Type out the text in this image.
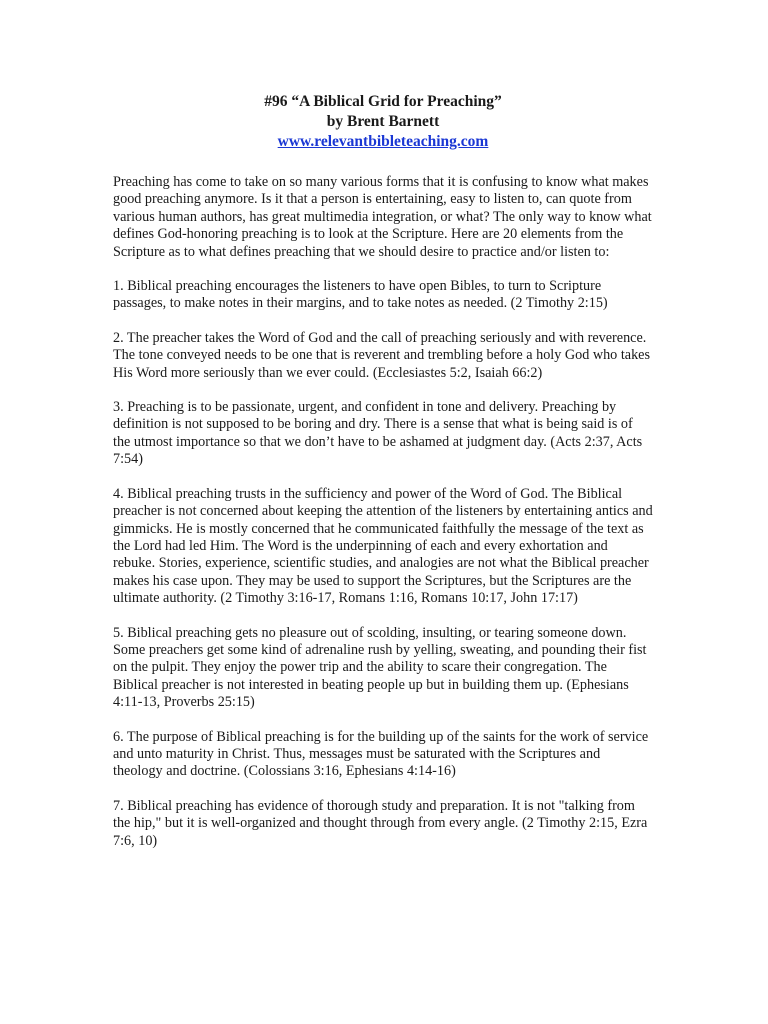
#96 “A Biblical Grid for Preaching”
by Brent Barnett
www.relevantbibleteaching.com

Preaching has come to take on so many various forms that it is confusing to know what makes good preaching anymore. Is it that a person is entertaining, easy to listen to, can quote from various human authors, has great multimedia integration, or what? The only way to know what defines God-honoring preaching is to look at the Scripture. Here are 20 elements from the Scripture as to what defines preaching that we should desire to practice and/or listen to:

1. Biblical preaching encourages the listeners to have open Bibles, to turn to Scripture passages, to make notes in their margins, and to take notes as needed. (2 Timothy 2:15)

2. The preacher takes the Word of God and the call of preaching seriously and with reverence. The tone conveyed needs to be one that is reverent and trembling before a holy God who takes His Word more seriously than we ever could. (Ecclesiastes 5:2, Isaiah 66:2)

3. Preaching is to be passionate, urgent, and confident in tone and delivery. Preaching by definition is not supposed to be boring and dry. There is a sense that what is being said is of the utmost importance so that we don’t have to be ashamed at judgment day. (Acts 2:37, Acts 7:54)

4. Biblical preaching trusts in the sufficiency and power of the Word of God. The Biblical preacher is not concerned about keeping the attention of the listeners by entertaining antics and gimmicks. He is mostly concerned that he communicated faithfully the message of the text as the Lord had led Him. The Word is the underpinning of each and every exhortation and rebuke. Stories, experience, scientific studies, and analogies are not what the Biblical preacher makes his case upon. They may be used to support the Scriptures, but the Scriptures are the ultimate authority. (2 Timothy 3:16-17, Romans 1:16, Romans 10:17, John 17:17)

5. Biblical preaching gets no pleasure out of scolding, insulting, or tearing someone down. Some preachers get some kind of adrenaline rush by yelling, sweating, and pounding their fist on the pulpit. They enjoy the power trip and the ability to scare their congregation. The Biblical preacher is not interested in beating people up but in building them up. (Ephesians 4:11-13, Proverbs 25:15)

6. The purpose of Biblical preaching is for the building up of the saints for the work of service and unto maturity in Christ. Thus, messages must be saturated with the Scriptures and theology and doctrine. (Colossians 3:16, Ephesians 4:14-16)

7. Biblical preaching has evidence of thorough study and preparation. It is not "talking from the hip," but it is well-organized and thought through from every angle. (2 Timothy 2:15, Ezra 7:6, 10)
